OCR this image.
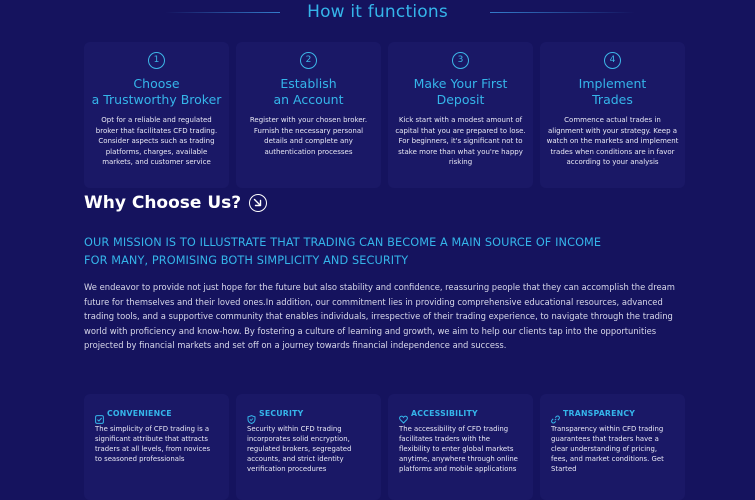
How it functions
1
Choose
a Trustworthy Broker
Opt for a reliable and regulated broker that facilitates CFD trading. Consider aspects such as trading platforms, charges, available markets, and customer service
2
Establish
an Account
Register with your chosen broker. Furnish the necessary personal details and complete any authentication processes
3
Make Your First
Deposit
Kick start with a modest amount of capital that you are prepared to lose. For beginners, it's significant not to stake more than what you're happy risking
4
Implement
Trades
Commence actual trades in alignment with your strategy. Keep a watch on the markets and implement trades when conditions are in favor according to your analysis
Why Choose Us?
OUR MISSION IS TO ILLUSTRATE THAT TRADING CAN BECOME A MAIN SOURCE OF INCOME
FOR MANY, PROMISING BOTH SIMPLICITY AND SECURITY
We endeavor to provide not just hope for the future but also stability and confidence, reassuring people that they can accomplish the dream future for themselves and their loved ones.In addition, our commitment lies in providing comprehensive educational resources, advanced trading tools, and a supportive community that enables individuals, irrespective of their trading experience, to navigate through the trading world with proficiency and know-how. By fostering a culture of learning and growth, we aim to help our clients tap into the opportunities projected by financial markets and set off on a journey towards financial independence and success.
CONVENIENCE
The simplicity of CFD trading is a significant attribute that attracts traders at all levels, from novices to seasoned professionals
SECURITY
Security within CFD trading incorporates solid encryption, regulated brokers, segregated accounts, and strict identity verification procedures
ACCESSIBILITY
The accessibility of CFD trading facilitates traders with the flexibility to enter global markets anytime, anywhere through online platforms and mobile applications
TRANSPARENCY
Transparency within CFD trading guarantees that traders have a clear understanding of pricing, fees, and market conditions. Get Started
